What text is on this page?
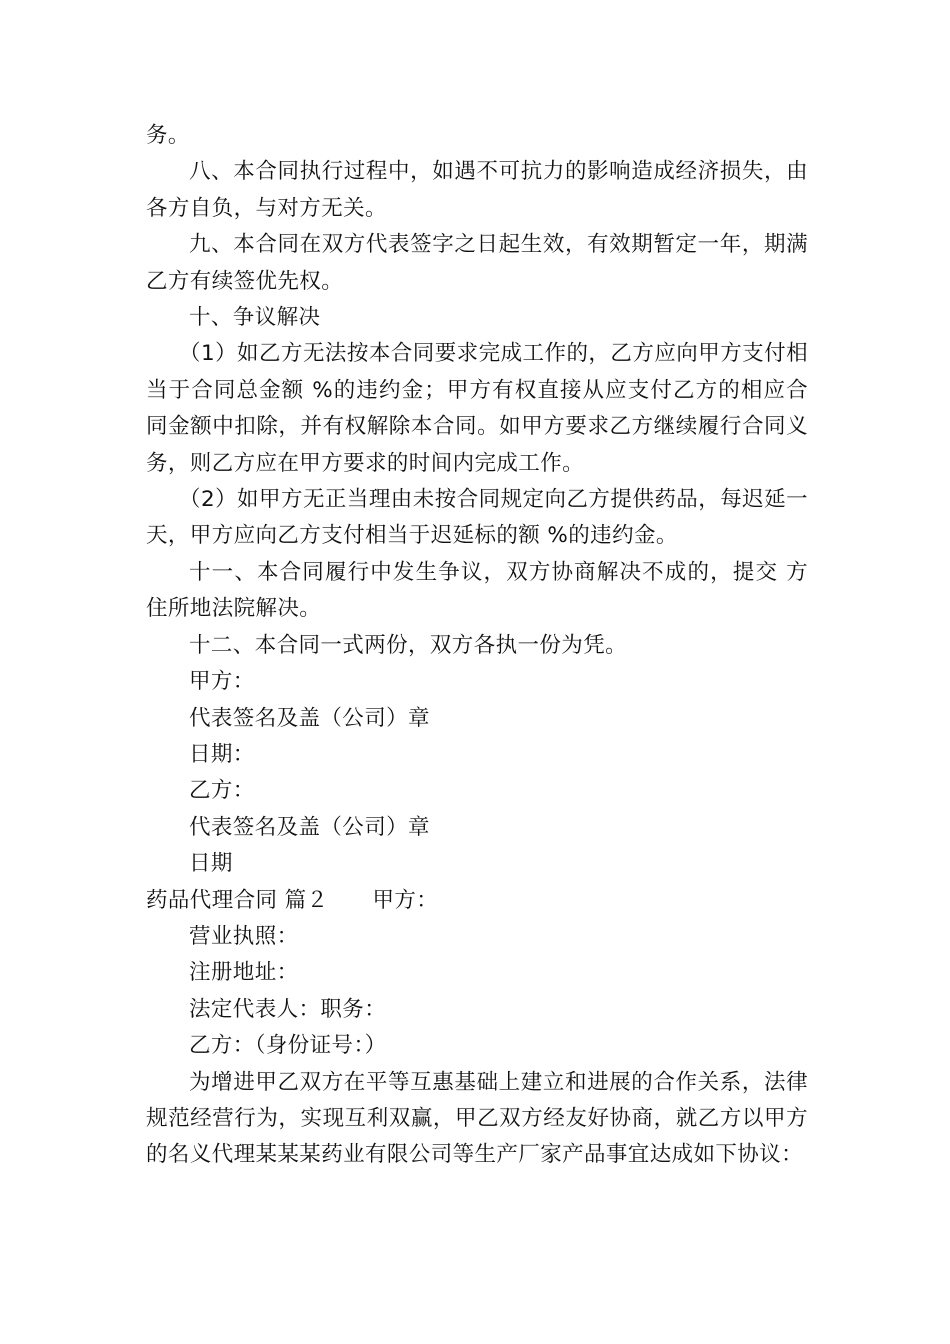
务。

八、本合同执行过程中，如遇不可抗力的影响造成经济损失，由各方自负，与对方无关。

九、本合同在双方代表签字之日起生效，有效期暂定一年，期满乙方有续签优先权。

十、争议解决

（1）如乙方无法按本合同要求完成工作的，乙方应向甲方支付相当于合同总金额 %的违约金；甲方有权直接从应支付乙方的相应合同金额中扣除，并有权解除本合同。如甲方要求乙方继续履行合同义务，则乙方应在甲方要求的时间内完成工作。

（2）如甲方无正当理由未按合同规定向乙方提供药品，每迟延一天，甲方应向乙方支付相当于迟延标的额 %的违约金。

十一、本合同履行中发生争议，双方协商解决不成的，提交 方住所地法院解决。

十二、本合同一式两份，双方各执一份为凭。

甲方：

代表签名及盖（公司）章

日期：

乙方：

代表签名及盖（公司）章

日期

药品代理合同 篇２ 甲方：

营业执照：

注册地址：

法定代表人：职务：

乙方：（身份证号：）

为增进甲乙双方在平等互惠基础上建立和进展的合作关系，法律规范经营行为，实现互利双赢，甲乙双方经友好协商，就乙方以甲方的名义代理某某某药业有限公司等生产厂家产品事宜达成如下协议：
